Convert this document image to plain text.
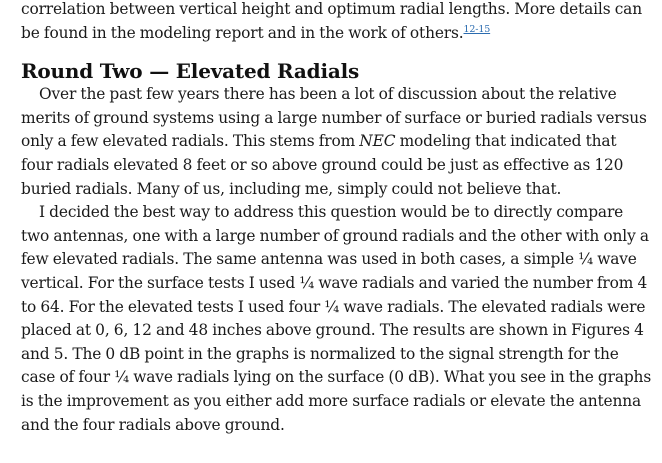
correlation between vertical height and optimum radial lengths. More details can be found in the modeling report and in the work of others.$^{12-15}$

Round Two — Elevated Radials

Over the past few years there has been a lot of discussion about the relative merits of ground systems using a large number of surface or buried radials versus only a few elevated radials. This stems from NEC modeling that indicated that four radials elevated 8 feet or so above ground could be just as effective as 120 buried radials. Many of us, including me, simply could not believe that.

I decided the best way to address this question would be to directly compare two antennas, one with a large number of ground radials and the other with only a few elevated radials. The same antenna was used in both cases, a simple ¼ wave vertical. For the surface tests I used ¼ wave radials and varied the number from 4 to 64. For the elevated tests I used four ¼ wave radials. The elevated radials were placed at 0, 6, 12 and 48 inches above ground. The results are shown in Figures 4 and 5. The 0 dB point in the graphs is normalized to the signal strength for the case of four ¼ wave radials lying on the surface (0 dB). What you see in the graphs is the improvement as you either add more surface radials or elevate the antenna and the four radials above ground.
